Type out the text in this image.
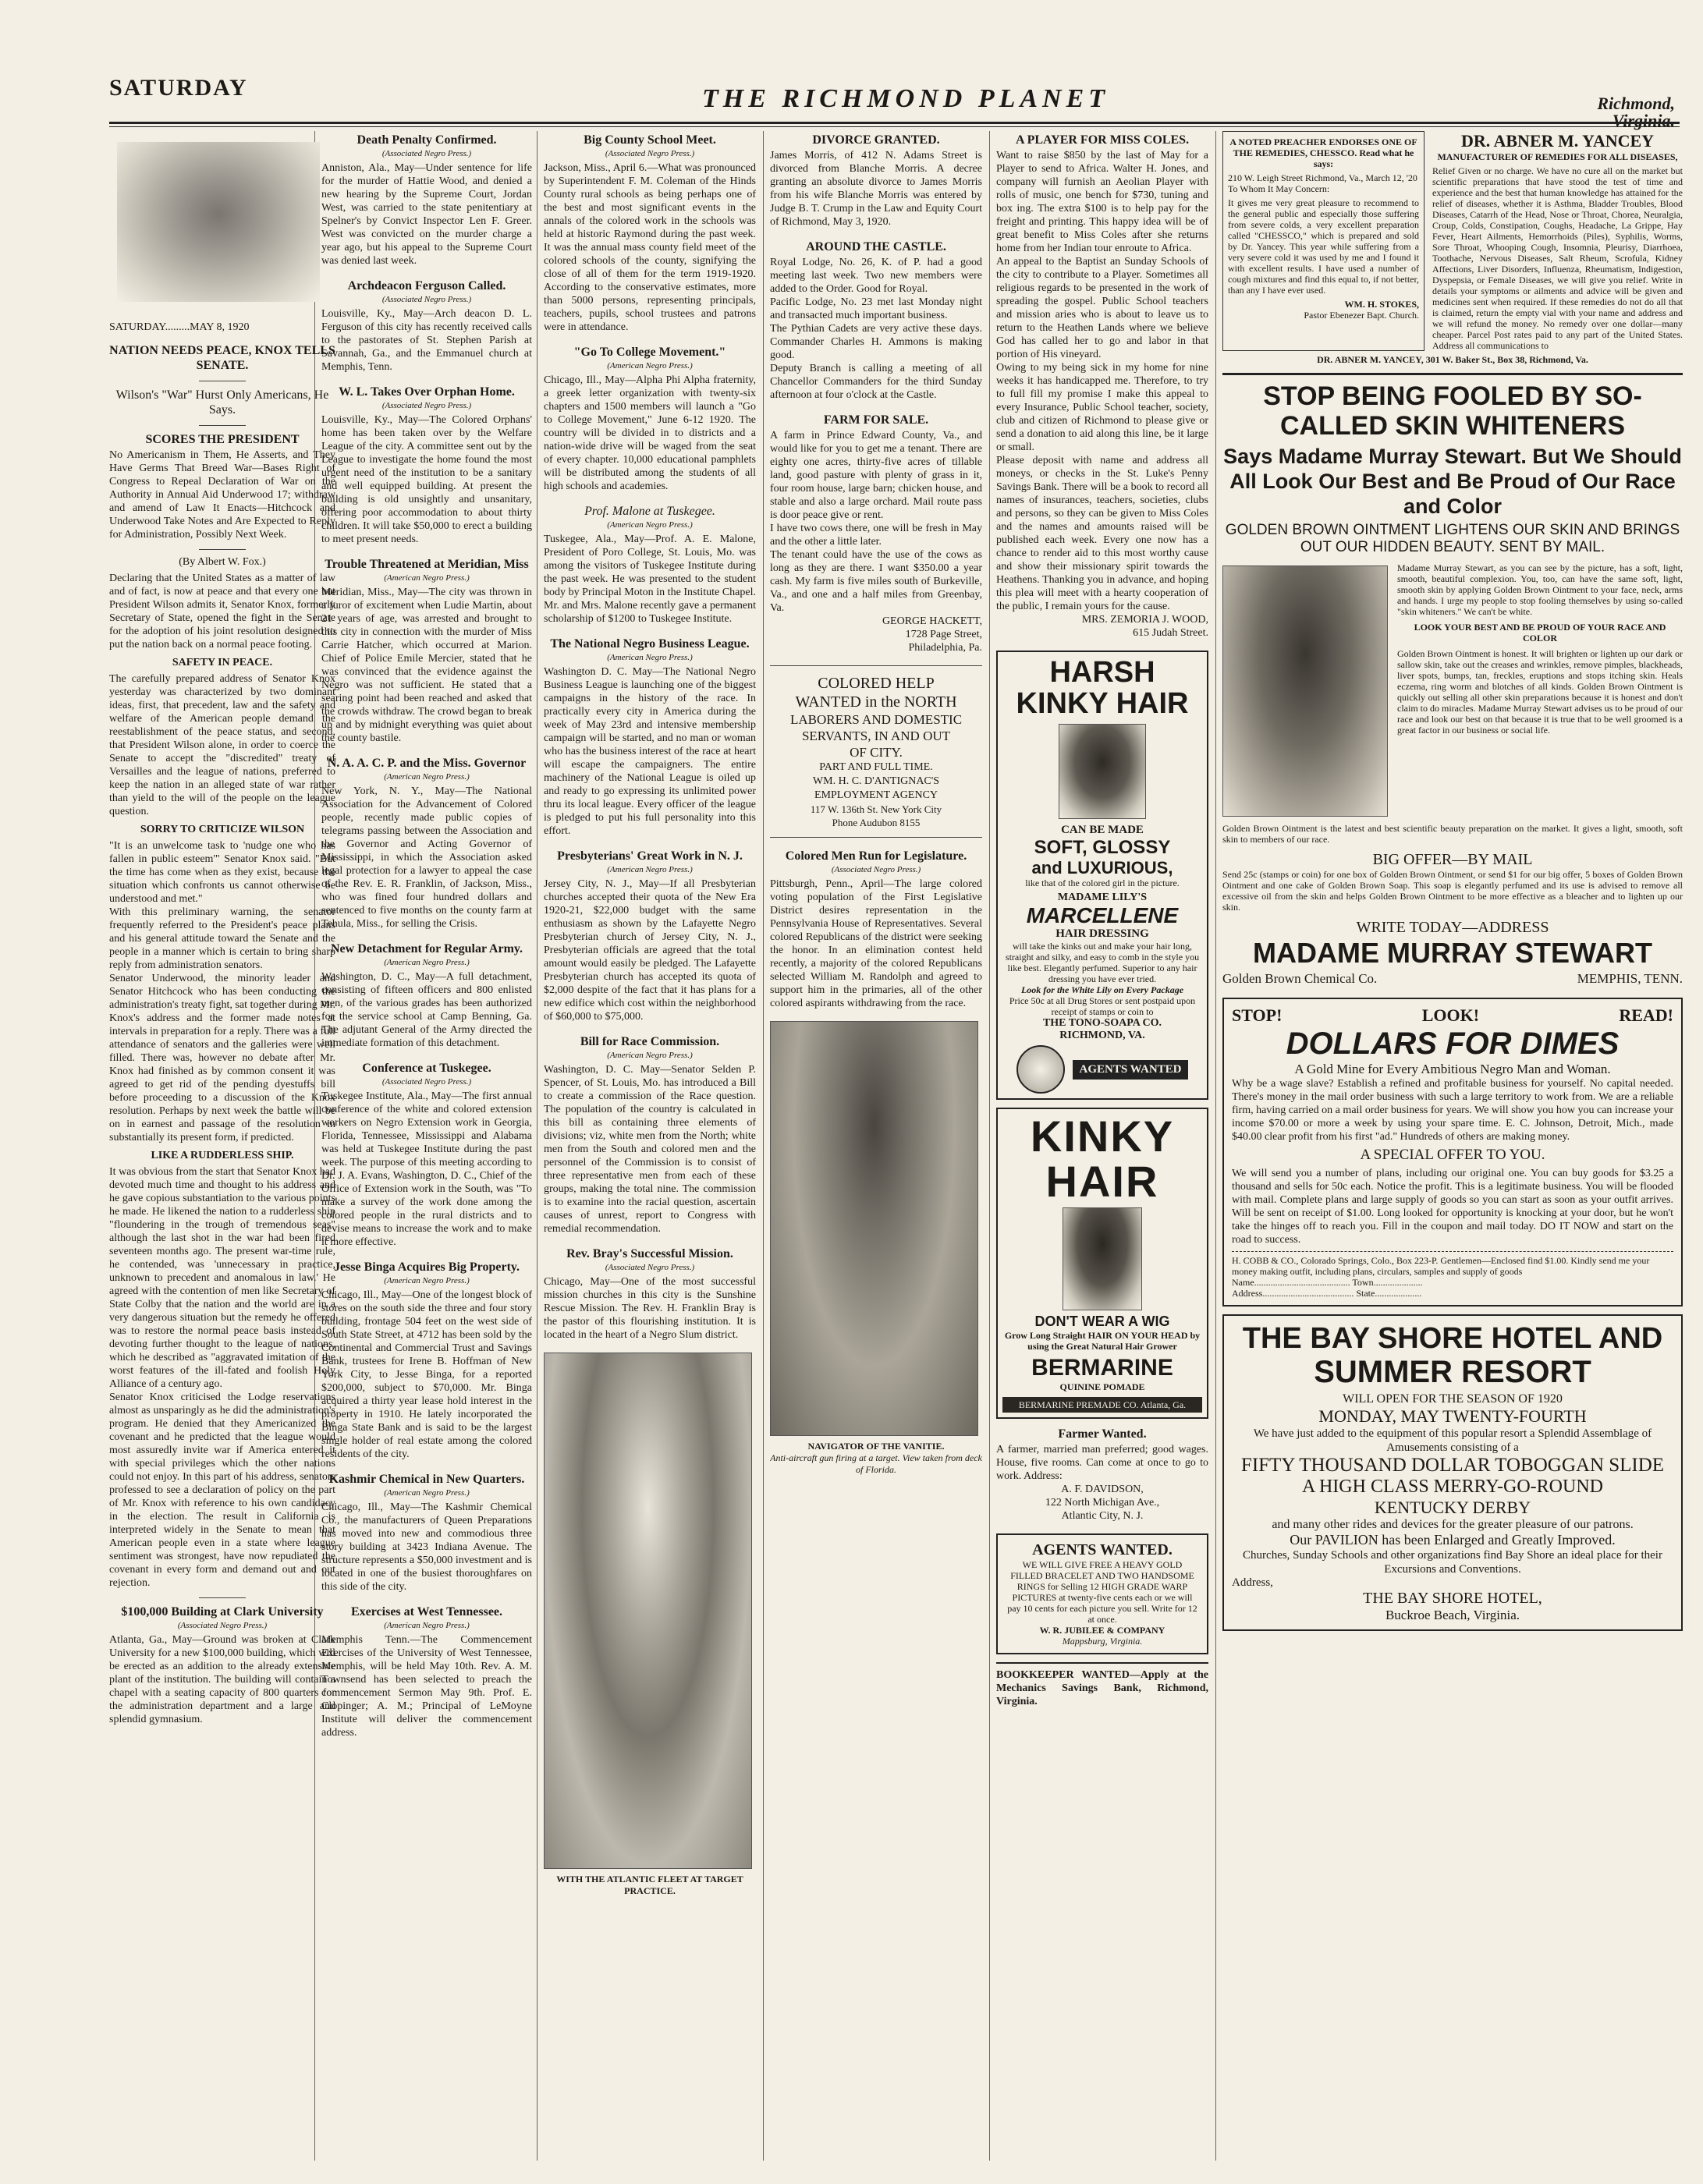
SATURDAY	THE RICHMOND PLANET	Richmond,
Virginia.
SATURDAY.........MAY 8, 1920
NATION NEEDS PEACE, KNOX TELLS SENATE.
Wilson's "War" Hurst Only Americans, He Says.
SCORES THE PRESIDENT

No Americanism in Them, He Asserts, and They Have Germs That Breed War—Bases Right of Congress to Repeal Declaration of War on the Authority in Annual Aid Underwood 17; withdraw and amend of Law It Enacts—Hitchcock and Underwood Take Notes and Are Expected to Reply for Administration, Possibly Next Week.

(By Albert W. Fox.)

Declaring that the United States as a matter of law and of fact, is now at peace and that every one but President Wilson admits it, Senator Knox, formerly Secretary of State, opened the fight in the Senate for the adoption of his joint resolution designed to put the nation back on a normal peace footing.

SAFETY IN PEACE.

The carefully prepared address of Senator Knox yesterday was characterized by two dominant ideas, first, that precedent, law and the safety and welfare of the American people demand the reestablishment of the peace status, and second, that President Wilson alone, in order to coerce the Senate to accept the "discredited" treaty of Versailles and the league of nations, preferred to keep the nation in an alleged state of war rather than yield to the will of the people on the league question.

SORRY TO CRITICIZE WILSON

"It is an unwelcome task to 'nudge one who has fallen in public esteem'" Senator Knox said. "But the time has come when as they exist, because the situation which confronts us cannot otherwise be understood and met."

With this preliminary warning, the senator frequently referred to the President's peace plans and his general attitude toward the Senate and the people in a manner which is certain to bring sharp reply from administration senators.

Senator Underwood, the minority leader and Senator Hitchcock who has been conducting the administration's treaty fight, sat together during Mr. Knox's address and the former made notes at intervals in preparation for a reply. There was a full attendance of senators and the galleries were well filled. There was, however no debate after Mr. Knox had finished as by common consent it was agreed to get rid of the pending dyestuffs bill before proceeding to a discussion of the Knox resolution. Perhaps by next week the battle will be on in earnest and passage of the resolution in substantially its present form, if predicted.

LIKE A RUDDERLESS SHIP.

It was obvious from the start that Senator Knox had devoted much time and thought to his address and he gave copious substantiation to the various points he made. He likened the nation to a rudderless ship "floundering in the trough of tremendous seas" although the last shot in the war had been fired seventeen months ago. The present war-time rule, he contended, was 'unnecessary in practice, unknown to precedent and anomalous in law.' He agreed with the contention of men like Secretary of State Colby that the nation and the world are in a very dangerous situation but the remedy he offered was to restore the normal peace basis instead of devoting further thought to the league of nations, which he described as "aggravated imitation of the worst features of the ill-fated and foolish Holy Alliance of a century ago.

Senator Knox criticised the Lodge reservations almost as unsparingly as he did the administration's program. He denied that they Americanized the covenant and he predicted that the league would most assuredly invite war if America entered it with special privileges which the other nations could not enjoy. In this part of his address, senators professed to see a declaration of policy on the part of Mr. Knox with reference to his own candidacy in the election. The result in California is interpreted widely in the Senate to mean that American people even in a state where league sentiment was strongest, have now repudiated the covenant in every form and demand out and out rejection.

$100,000 Building at Clark University
(Associated Negro Press.)

Atlanta, Ga., May—Ground was broken at Clark University for a new $100,000 building, which will be erected as an addition to the already extensive plant of the institution. The building will contain a chapel with a seating capacity of 800 quarters for the administration department and a large and splendid gymnasium.

Death Penalty Confirmed.
(Associated Negro Press.)

Anniston, Ala., May—Under sentence for life for the murder of Hattie Wood, and denied a new hearing by the Supreme Court, Jordan West, was carried to the state penitentiary at Spelner's by Convict Inspector Len F. Greer. West was convicted on the murder charge a year ago, but his appeal to the Supreme Court was denied last week.

Archdeacon Ferguson Called.
(Associated Negro Press.)

Louisville, Ky., May—Arch deacon D. L. Ferguson of this city has recently received calls to the pastorates of St. Stephen Parish at Savannah, Ga., and the Emmanuel church at Memphis, Tenn.

W. L. Takes Over Orphan Home.
(Associated Negro Press.)

Louisville, Ky., May—The Colored Orphans' home has been taken over by the Welfare League of the city. A committee sent out by the League to investigate the home found the most urgent need of the institution to be a sanitary and well equipped building. At present the building is old unsightly and unsanitary, offering poor accommodation to about thirty children. It will take $50,000 to erect a building to meet present needs.

Trouble Threatened at Meridian, Miss
(American Negro Press.)

Meridian, Miss., May—The city was thrown in a furor of excitement when Ludie Martin, about 21 years of age, was arrested and brought to this city in connection with the murder of Miss Carrie Hatcher, which occurred at Marion. Chief of Police Emile Mercier, stated that he was convinced that the evidence against the Negro was not sufficient. He stated that a searing point had been reached and asked that the crowds withdraw. The crowd began to break up and by midnight everything was quiet about the county bastile.

N. A. A. C. P. and the Miss. Governor
(American Negro Press.)

New York, N. Y., May—The National Association for the Advancement of Colored people, recently made public copies of telegrams passing between the Association and the Governor and Acting Governor of Mississippi, in which the Association asked legal protection for a lawyer to appeal the case of the Rev. E. R. Franklin, of Jackson, Miss., who was fined four hundred dollars and sentenced to five months on the county farm at Tehula, Miss., for selling the Crisis.

New Detachment for Regular Army.
(American Negro Press.)

Washington, D. C., May—A full detachment, consisting of fifteen officers and 800 enlisted men, of the various grades has been authorized for the service school at Camp Benning, Ga. The adjutant General of the Army directed the immediate formation of this detachment.

Conference at Tuskegee.
(Associated Negro Press.)

Tuskegee Institute, Ala., May—The first annual conference of the white and colored extension workers on Negro Extension work in Georgia, Florida, Tennessee, Mississippi and Alabama was held at Tuskegee Institute during the past week. The purpose of this meeting according to Dr. J. A. Evans, Washington, D. C., Chief of the Office of Extension work in the South, was "To make a survey of the work done among the colored people in the rural districts and to devise means to increase the work and to make it more effective.

Jesse Binga Acquires Big Property.
(American Negro Press.)

Chicago, Ill., May—One of the longest block of stores on the south side the three and four story building, frontage 504 feet on the west side of South State Street, at 4712 has been sold by the Continental and Commercial Trust and Savings Bank, trustees for Irene B. Hoffman of New York City, to Jesse Binga, for a reported $200,000, subject to $70,000. Mr. Binga acquired a thirty year lease hold interest in the property in 1910. He lately incorporated the Binga State Bank and is said to be the largest single holder of real estate among the colored residents of the city.

Kashmir Chemical in New Quarters.
(American Negro Press.)

Chicago, Ill., May—The Kashmir Chemical Co., the manufacturers of Queen Preparations has moved into new and commodious three story building at 3423 Indiana Avenue. The structure represents a $50,000 investment and is located in one of the busiest thoroughfares on this side of the city.

Exercises at West Tennessee.
(American Negro Press.)

Memphis Tenn.—The Commencement Exercises of the University of West Tennessee, Memphis, will be held May 10th. Rev. A. M. Townsend has been selected to preach the commencement Sermon May 9th. Prof. E. Clopinger; A. M.; Principal of LeMoyne Institute will deliver the commencement address.

Big County School Meet.
(Associated Negro Press.)

Jackson, Miss., April 6.—What was pronounced by Superintendent F. M. Coleman of the Hinds County rural schools as being perhaps one of the best and most significant events in the annals of the colored work in the schools was held at historic Raymond during the past week. It was the annual mass county field meet of the colored schools of the county, signifying the close of all of them for the term 1919-1920. According to the conservative estimates, more than 5000 persons, representing principals, teachers, pupils, school trustees and patrons were in attendance.

"Go To College Movement."
(American Negro Press.)

Chicago, Ill., May—Alpha Phi Alpha fraternity, a greek letter organization with twenty-six chapters and 1500 members will launch a "Go to College Movement," June 6-12 1920. The country will be divided in to districts and a nation-wide drive will be waged from the seat of every chapter. 10,000 educational pamphlets will be distributed among the students of all high schools and academies.

Prof. Malone at Tuskegee.
(American Negro Press.)

Tuskegee, Ala., May—Prof. A. E. Malone, President of Poro College, St. Louis, Mo. was among the visitors of Tuskegee Institute during the past week. He was presented to the student body by Principal Moton in the Institute Chapel. Mr. and Mrs. Malone recently gave a permanent scholarship of $1200 to Tuskegee Institute.

The National Negro Business League.
(American Negro Press.)

Washington D. C. May—The National Negro Business League is launching one of the biggest campaigns in the history of the race. In practically every city in America during the week of May 23rd and intensive membership campaign will be started, and no man or woman who has the business interest of the race at heart will escape the campaigners. The entire machinery of the National League is oiled up and ready to go expressing its unlimited power thru its local league. Every officer of the league is pledged to put his full personality into this effort.

Presbyterians' Great Work in N. J.
(American Negro Press.)

Jersey City, N. J., May—If all Presbyterian churches accepted their quota of the New Era 1920-21, $22,000 budget with the same enthusiasm as shown by the Lafayette Negro Presbyterian church of Jersey City, N. J., Presbyterian officials are agreed that the total amount would easily be pledged. The Lafayette Presbyterian church has accepted its quota of $2,000 despite of the fact that it has plans for a new edifice which cost within the neighborhood of $60,000 to $75,000.

Bill for Race Commission.
(American Negro Press.)

Washington, D. C. May—Senator Selden P. Spencer, of St. Louis, Mo. has introduced a Bill to create a commission of the Race question. The population of the country is calculated in this bill as containing three elements of divisions; viz, white men from the North; white men from the South and colored men and the personnel of the Commission is to consist of three representative men from each of these groups, making the total nine. The commission is to examine into the racial question, ascertain causes of unrest, report to Congress with remedial recommendation.

Rev. Bray's Successful Mission.
(Associated Negro Press.)

Chicago, May—One of the most successful mission churches in this city is the Sunshine Rescue Mission. The Rev. H. Franklin Bray is the pastor of this flourishing institution. It is located in the heart of a Negro Slum district.

WITH THE ATLANTIC FLEET AT TARGET PRACTICE.
DIVORCE GRANTED.

James Morris, of 412 N. Adams Street is divorced from Blanche Morris. A decree granting an absolute divorce to James Morris from his wife Blanche Morris was entered by Judge B. T. Crump in the Law and Equity Court of Richmond, May 3, 1920.

AROUND THE CASTLE.

Royal Lodge, No. 26, K. of P. had a good meeting last week. Two new members were added to the Order. Good for Royal.

Pacific Lodge, No. 23 met last Monday night and transacted much important business.

The Pythian Cadets are very active these days. Commander Charles H. Ammons is making good.

Deputy Branch is calling a meeting of all Chancellor Commanders for the third Sunday afternoon at four o'clock at the Castle.

FARM FOR SALE.

A farm in Prince Edward County, Va., and would like for you to get me a tenant. There are eighty one acres, thirty-five acres of tillable land, good pasture with plenty of grass in it, four room house, large barn; chicken house, and stable and also a large orchard. Mail route pass is door peace give or rent.

I have two cows there, one will be fresh in May and the other a little later.

The tenant could have the use of the cows as long as they are there. I want $350.00 a year cash. My farm is five miles south of Burkeville, Va., and one and a half miles from Greenbay, Va.

GEORGE HACKETT,
1728 Page Street,
Philadelphia, Pa.
COLORED HELP
WANTED in the NORTH
LABORERS AND DOMESTIC
SERVANTS, IN AND OUT
OF CITY.
PART AND FULL TIME.
WM. H. C. D'ANTIGNAC'S
EMPLOYMENT AGENCY
117 W. 136th St. New York City
Phone Audubon 8155
Colored Men Run for Legislature.
(Associated Negro Press.)

Pittsburgh, Penn., April—The large colored voting population of the First Legislative District desires representation in the Pennsylvania House of Representatives. Several colored Republicans of the district were seeking the honor. In an elimination contest held recently, a majority of the colored Republicans selected William M. Randolph and agreed to support him in the primaries, all of the other colored aspirants withdrawing from the race.

NAVIGATOR OF THE VANITIE.
Anti-aircraft gun firing at a target. View taken from deck of Florida.
A PLAYER FOR MISS COLES.

Want to raise $850 by the last of May for a Player to send to Africa. Walter H. Jones, and company will furnish an Aeolian Player with rolls of music, one bench for $730, tuning and box ing. The extra $100 is to help pay for the freight and printing. This happy idea will be of great benefit to Miss Coles after she returns home from her Indian tour enroute to Africa.

An appeal to the Baptist an Sunday Schools of the city to contribute to a Player. Sometimes all religious regards to be presented in the work of spreading the gospel. Public School teachers and mission aries who is about to leave us to return to the Heathen Lands where we believe God has called her to go and labor in that portion of His vineyard.

Owing to my being sick in my home for nine weeks it has handicapped me. Therefore, to try to full fill my promise I make this appeal to every Insurance, Public School teacher, society, club and citizen of Richmond to please give or send a donation to aid along this line, be it large or small.

Please deposit with name and address all moneys, or checks in the St. Luke's Penny Savings Bank. There will be a book to record all names of insurances, teachers, societies, clubs and persons, so they can be given to Miss Coles and the names and amounts raised will be published each week. Every one now has a chance to render aid to this most worthy cause and show their missionary spirit towards the Heathens. Thanking you in advance, and hoping this plea will meet with a hearty cooperation of the public, I remain yours for the cause.

MRS. ZEMORIA J. WOOD,
615 Judah Street.
HARSH KINKY HAIR
CAN BE MADE
SOFT, GLOSSY
and LUXURIOUS,
like that of the colored girl in the picture.
MADAME LILY'S
MARCELLENE
HAIR DRESSING
will take the kinks out and make your hair long, straight and silky, and easy to comb in the style you like best. Elegantly perfumed. Superior to any hair dressing you have ever tried.
Look for the White Lily on Every Package
Price 50c at all Drug Stores or sent postpaid upon receipt of stamps or coin to
THE TONO-SOAPA CO.
RICHMOND, VA.
AGENTS WANTED
KINKY
HAIR
DON'T WEAR A WIG
Grow Long Straight HAIR ON YOUR HEAD by using the Great Natural Hair Grower
BERMARINE
QUININE POMADE
BERMARINE PREMADE CO. Atlanta, Ga.
Farmer Wanted.

A farmer, married man preferred; good wages. House, five rooms. Can come at once to go to work. Address:

A. F. DAVIDSON,
122 North Michigan Ave.,
Atlantic City, N. J.
AGENTS WANTED.
WE WILL GIVE FREE A HEAVY GOLD FILLED BRACELET AND TWO HANDSOME RINGS for Selling 12 HIGH GRADE WARP PICTURES at twenty-five cents each or we will pay 10 cents for each picture you sell. Write for 12 at once.
W. R. JUBILEE & COMPANY
Mappsburg, Virginia.
BOOKKEEPER WANTED—Apply at the Mechanics Savings Bank, Richmond, Virginia.
A NOTED PREACHER ENDORSES ONE OF THE REMEDIES, CHESSCO. Read what he says:
210 W. Leigh Street Richmond, Va., March 12, '20 To Whom It May Concern:
It gives me very great pleasure to recommend to the general public and especially those suffering from severe colds, a very excellent preparation called "CHESSCO," which is prepared and sold by Dr. Yancey. This year while suffering from a very severe cold it was used by me and I found it with excellent results. I have used a number of cough mixtures and find this equal to, if not better, than any I have ever used.
WM. H. STOKES,
Pastor Ebenezer Bapt. Church.
DR. ABNER M. YANCEY
MANUFACTURER OF REMEDIES FOR ALL DISEASES,
Relief Given or no charge. We have no cure all on the market but scientific preparations that have stood the test of time and experience and the best that human knowledge has attained for the relief of diseases, whether it is Asthma, Bladder Troubles, Blood Diseases, Catarrh of the Head, Nose or Throat, Chorea, Neuralgia, Croup, Colds, Constipation, Coughs, Headache, La Grippe, Hay Fever, Heart Ailments, Hemorrhoids (Piles), Syphilis, Worms, Sore Throat, Whooping Cough, Insomnia, Pleurisy, Diarrhoea, Toothache, Nervous Diseases, Salt Rheum, Scrofula, Kidney Affections, Liver Disorders, Influenza, Rheumatism, Indigestion, Dyspepsia, or Female Diseases, we will give you relief. Write in details your symptoms or ailments and advice will be given and medicines sent when required. If these remedies do not do all that is claimed, return the empty vial with your name and address and we will refund the money. No remedy over one dollar—many cheaper. Parcel Post rates paid to any part of the United States. Address all communications to
DR. ABNER M. YANCEY, 301 W. Baker St., Box 38, Richmond, Va.
STOP BEING FOOLED BY SO-CALLED SKIN WHITENERS
Says Madame Murray Stewart. But We Should All Look Our Best and Be Proud of Our Race and Color
GOLDEN BROWN OINTMENT LIGHTENS OUR SKIN AND BRINGS OUT OUR HIDDEN BEAUTY. SENT BY MAIL.
Madame Murray Stewart, as you can see by the picture, has a soft, light, smooth, beautiful complexion. You, too, can have the same soft, light, smooth skin by applying Golden Brown Ointment to your face, neck, arms and hands. I urge my people to stop fooling themselves by using so-called "skin whiteners." We can't be white.
LOOK YOUR BEST AND BE PROUD OF YOUR RACE AND COLOR
Golden Brown Ointment is honest. It will brighten or lighten up our dark or sallow skin, take out the creases and wrinkles, remove pimples, blackheads, liver spots, bumps, tan, freckles, eruptions and stops itching skin. Heals eczema, ring worm and blotches of all kinds. Golden Brown Ointment is quickly out selling all other skin preparations because it is honest and don't claim to do miracles. Madame Murray Stewart advises us to be proud of our race and look our best on that because it is true that to be well groomed is a great factor in our business or social life.
Golden Brown Ointment is the latest and best scientific beauty preparation on the market. It gives a light, smooth, soft skin to members of our race.
BIG OFFER—BY MAIL
Send 25c (stamps or coin) for one box of Golden Brown Ointment, or send $1 for our big offer, 5 boxes of Golden Brown Ointment and one cake of Golden Brown Soap. This soap is elegantly perfumed and its use is advised to remove all excessive oil from the skin and helps Golden Brown Ointment to be more effective as a bleacher and to lighten up our skin.
WRITE TODAY—ADDRESS
MADAME MURRAY STEWART
Golden Brown Chemical Co.	MEMPHIS, TENN.
STOP!	LOOK!	READ!
DOLLARS FOR DIMES
A Gold Mine for Every Ambitious Negro Man and Woman.
Why be a wage slave? Establish a refined and profitable business for yourself. No capital needed. There's money in the mail order business with such a large territory to work from. We are a reliable firm, having carried on a mail order business for years. We will show you how you can increase your income $70.00 or more a week by using your spare time. E. C. Johnson, Detroit, Mich., made $40.00 clear profit from his first "ad." Hundreds of others are making money.
A SPECIAL OFFER TO YOU.
We will send you a number of plans, including our original one. You can buy goods for $3.25 a thousand and sells for 50c each. Notice the profit. This is a legitimate business. You will be flooded with mail. Complete plans and large supply of goods so you can start as soon as your outfit arrives. Will be sent on receipt of $1.00. Long looked for opportunity is knocking at your door, but he won't take the hinges off to reach you. Fill in the coupon and mail today. DO IT NOW and start on the road to success.
H. COBB & CO., Colorado Springs, Colo., Box 223-P. Gentlemen—Enclosed find $1.00. Kindly send me your money making outfit, including plans, circulars, samples and supply of goods
Name......................................... Town.....................
Address....................................... State....................
THE BAY SHORE HOTEL AND
SUMMER RESORT
WILL OPEN FOR THE SEASON OF 1920
MONDAY, MAY TWENTY-FOURTH
We have just added to the equipment of this popular resort a Splendid Assemblage of Amusements consisting of a
FIFTY THOUSAND DOLLAR TOBOGGAN SLIDE
A HIGH CLASS MERRY-GO-ROUND
KENTUCKY DERBY
and many other rides and devices for the greater pleasure of our patrons.
Our PAVILION has been Enlarged and Greatly Improved.
Churches, Sunday Schools and other organizations find Bay Shore an ideal place for their Excursions and Conventions.
Address,
THE BAY SHORE HOTEL,
Buckroe Beach, Virginia.
